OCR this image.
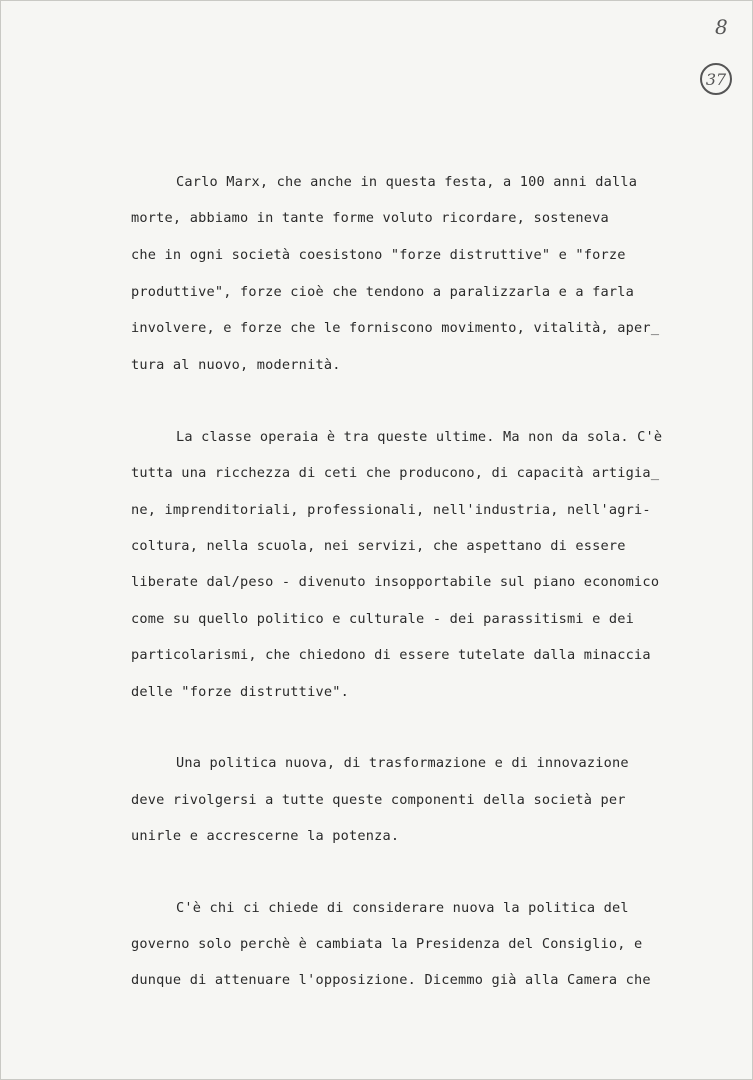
8
37
Carlo Marx, che anche in questa festa, a 100 anni dalla
morte, abbiamo in tante forme voluto ricordare, sosteneva
che in ogni società coesistono "forze distruttive" e "forze
produttive", forze cioè che tendono a paralizzarla e a farla
involvere, e forze che le forniscono movimento, vitalità, aper_
tura al nuovo, modernità.
La classe operaia è tra queste ultime. Ma non da sola. C'è
tutta una ricchezza di ceti che producono, di capacità artigia_
ne, imprenditoriali, professionali, nell'industria, nell'agri-
coltura, nella scuola, nei servizi, che aspettano di essere
liberate dal/peso - divenuto insopportabile sul piano economico
come su quello politico e culturale - dei parassitismi e dei
particolarismi, che chiedono di essere tutelate dalla minaccia
delle "forze distruttive".
Una politica nuova, di trasformazione e di innovazione
deve rivolgersi a tutte queste componenti della società per
unirle e accrescerne la potenza.
C'è chi ci chiede di considerare nuova la politica del
governo solo perchè è cambiata la Presidenza del Consiglio, e
dunque di attenuare l'opposizione. Dicemmo già alla Camera che
